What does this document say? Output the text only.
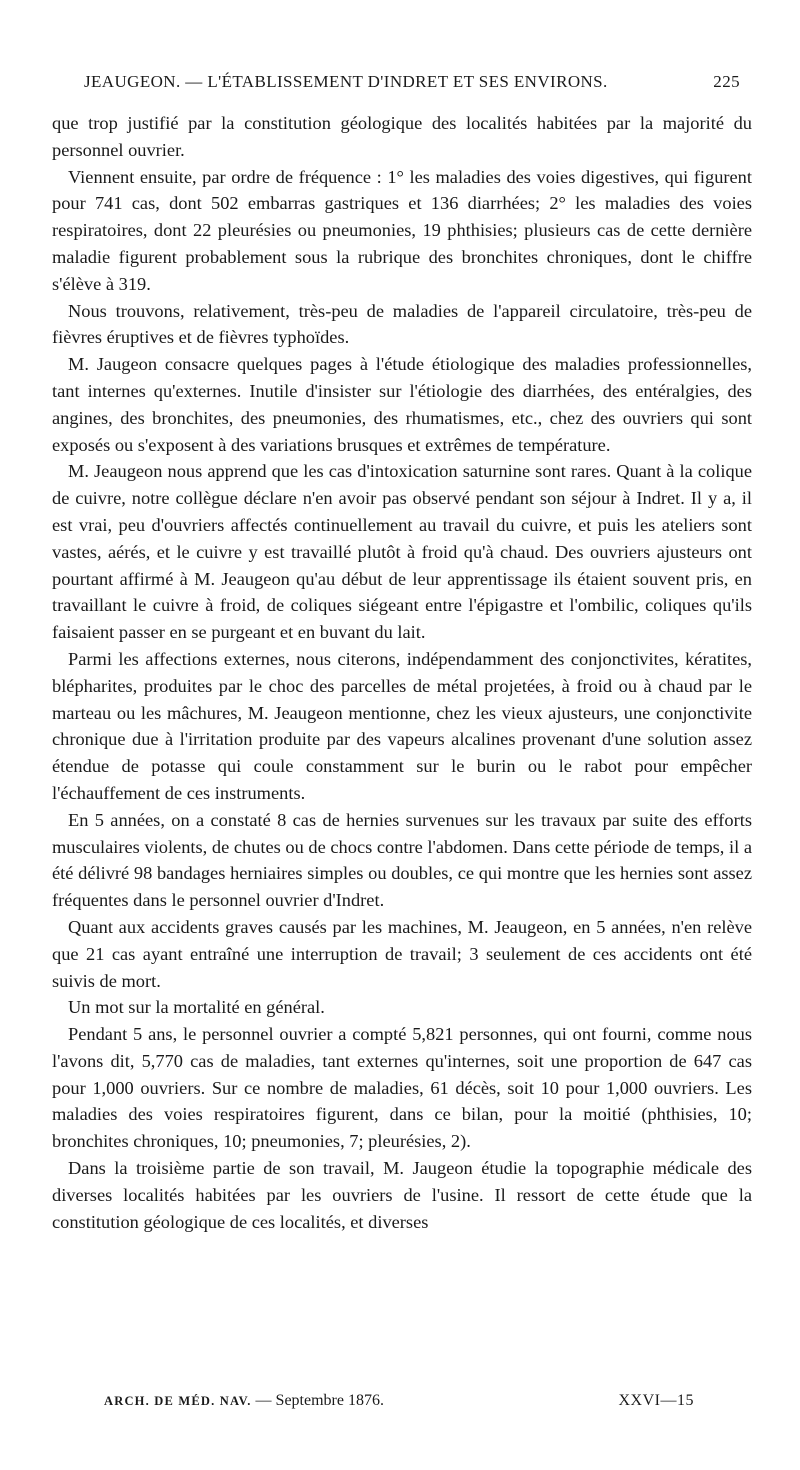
JEAUGEON. — L'ÉTABLISSEMENT D'INDRET ET SES ENVIRONS.	225

que trop justifié par la constitution géologique des localités habitées par la majorité du personnel ouvrier.

Viennent ensuite, par ordre de fréquence : 1° les maladies des voies digestives, qui figurent pour 741 cas, dont 502 embarras gastriques et 136 diarrhées; 2° les maladies des voies respiratoires, dont 22 pleurésies ou pneumonies, 19 phthisies; plusieurs cas de cette dernière maladie figurent probablement sous la rubrique des bronchites chroniques, dont le chiffre s'élève à 319.

Nous trouvons, relativement, très-peu de maladies de l'appareil circulatoire, très-peu de fièvres éruptives et de fièvres typhoïdes.

M. Jaugeon consacre quelques pages à l'étude étiologique des maladies professionnelles, tant internes qu'externes. Inutile d'insister sur l'étiologie des diarrhées, des entéralgies, des angines, des bronchites, des pneumonies, des rhumatismes, etc., chez des ouvriers qui sont exposés ou s'exposent à des variations brusques et extrêmes de température.

M. Jeaugeon nous apprend que les cas d'intoxication saturnine sont rares. Quant à la colique de cuivre, notre collègue déclare n'en avoir pas observé pendant son séjour à Indret. Il y a, il est vrai, peu d'ouvriers affectés continuellement au travail du cuivre, et puis les ateliers sont vastes, aérés, et le cuivre y est travaillé plutôt à froid qu'à chaud. Des ouvriers ajusteurs ont pourtant affirmé à M. Jeaugeon qu'au début de leur apprentissage ils étaient souvent pris, en travaillant le cuivre à froid, de coliques siégeant entre l'épigastre et l'ombilic, coliques qu'ils faisaient passer en se purgeant et en buvant du lait.

Parmi les affections externes, nous citerons, indépendamment des conjonctivites, kératites, blépharites, produites par le choc des parcelles de métal projetées, à froid ou à chaud par le marteau ou les mâchures, M. Jeaugeon mentionne, chez les vieux ajusteurs, une conjonctivite chronique due à l'irritation produite par des vapeurs alcalines provenant d'une solution assez étendue de potasse qui coule constamment sur le burin ou le rabot pour empêcher l'échauffement de ces instruments.

En 5 années, on a constaté 8 cas de hernies survenues sur les travaux par suite des efforts musculaires violents, de chutes ou de chocs contre l'abdomen. Dans cette période de temps, il a été délivré 98 bandages herniaires simples ou doubles, ce qui montre que les hernies sont assez fréquentes dans le personnel ouvrier d'Indret.

Quant aux accidents graves causés par les machines, M. Jeaugeon, en 5 années, n'en relève que 21 cas ayant entraîné une interruption de travail; 3 seulement de ces accidents ont été suivis de mort.

Un mot sur la mortalité en général.

Pendant 5 ans, le personnel ouvrier a compté 5,821 personnes, qui ont fourni, comme nous l'avons dit, 5,770 cas de maladies, tant externes qu'internes, soit une proportion de 647 cas pour 1,000 ouvriers. Sur ce nombre de maladies, 61 décès, soit 10 pour 1,000 ouvriers. Les maladies des voies respiratoires figurent, dans ce bilan, pour la moitié (phthisies, 10; bronchites chroniques, 10; pneumonies, 7; pleurésies, 2).

Dans la troisième partie de son travail, M. Jaugeon étudie la topographie médicale des diverses localités habitées par les ouvriers de l'usine. Il ressort de cette étude que la constitution géologique de ces localités, et diverses

ARCH. DE MÉD. NAV. — Septembre 1876.	XXVI—15
